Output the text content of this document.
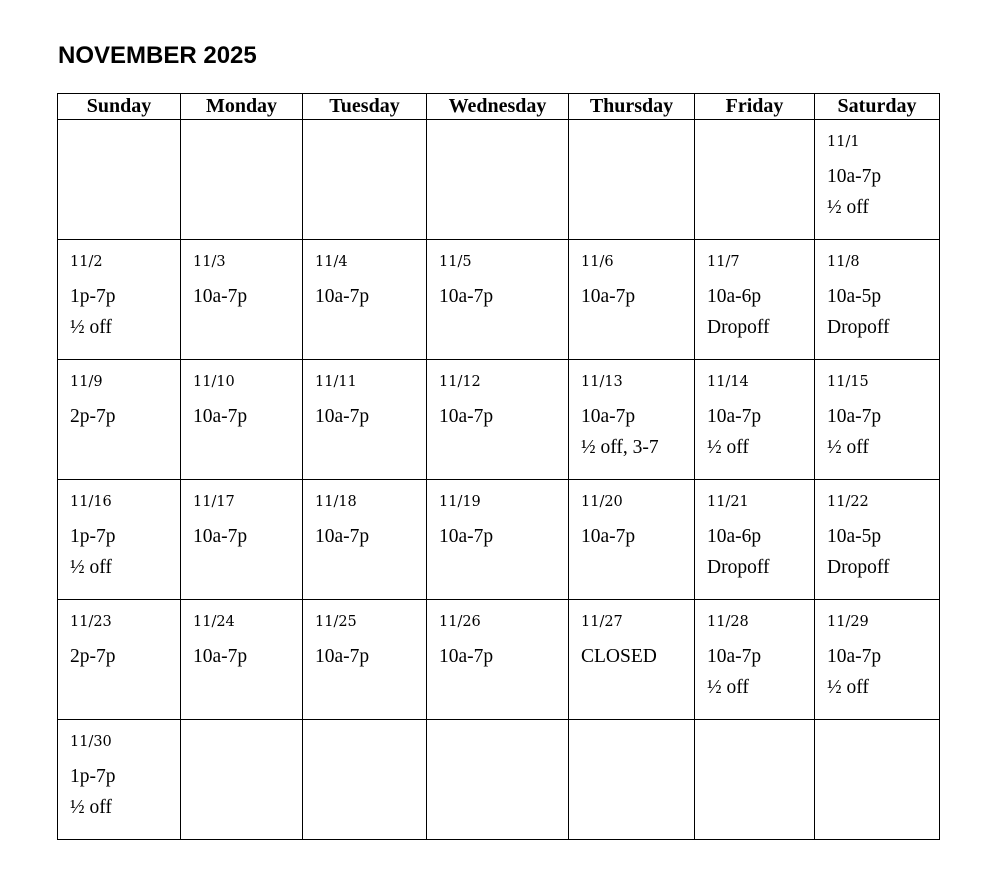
NOVEMBER 2025
Sunday	Monday	Tuesday	Wednesday	Thursday	Friday	Saturday

						11/1
10a-7p
½ off

11/2
1p-7p
½ off	11/3
10a-7p	11/4
10a-7p	11/5
10a-7p	11/6
10a-7p	11/7
10a-6p
Dropoff	11/8
10a-5p
Dropoff

11/9
2p-7p	11/10
10a-7p	11/11
10a-7p	11/12
10a-7p	11/13
10a-7p
½ off, 3-7	11/14
10a-7p
½ off	11/15
10a-7p
½ off

11/16
1p-7p
½ off	11/17
10a-7p	11/18
10a-7p	11/19
10a-7p	11/20
10a-7p	11/21
10a-6p
Dropoff	11/22
10a-5p
Dropoff

11/23
2p-7p	11/24
10a-7p	11/25
10a-7p	11/26
10a-7p	11/27
CLOSED	11/28
10a-7p
½ off	11/29
10a-7p
½ off

11/30
1p-7p
½ off						
